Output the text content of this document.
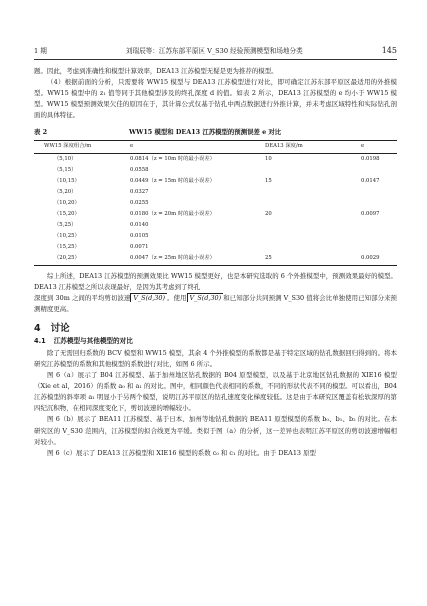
1 期	刘瑞辰等：江苏东部平原区 V_S30 经验预测模型和场地分类	145

题。因此，考虑到准确性和模型计算效率，DEA13 江苏模型无疑是更为推荐的模型。

（4）根据前面的分析，只需要将 WW15 模型与 DEA13 江苏模型进行对比，即可确定江苏东部平原区最适用的外推模型。WW15 模型中的 z₁ 值等同于其他模型涉及的终孔深度 d 的值。如表 2 所示，DEA13 江苏模型的 e 均小于 WW15 模型。WW15 模型预测效果欠佳的原因在于，其计算公式仅基于钻孔中两点数据进行外推计算，并未考虑区域特性和实际钻孔剖面的具体特征。

表 2	WW15 模型和 DEA13 江苏模型的预测误差 e 对比
WW15 深度组合/m	e	DEA13 深度/m	e
（5,10）	0.0814（z = 10m 时的最小误差）	10	0.0198
（5,15）	0.0558		
（10,15）	0.0449（z = 15m 时的最小误差）	15	0.0147
（5,20）	0.0327		
（10,20）	0.0255		
（15,20）	0.0180（z = 20m 时的最小误差）	20	0.0097
（5,25）	0.0140		
（10,25）	0.0105		
（15,25）	0.0071		
（20,25）	0.0047（z = 25m 时的最小误差）	25	0.0029

综上所述，DEA13 江苏模型的预测效果比 WW15 模型更好，也是本研究选取的 6 个外推模型中，预测效果最好的模型。DEA13 江苏模型之所以表现最好，是因为其考虑到了终孔

深度到 30m 之间的平均剪切波速 V_S(d,30) 。使用 V_S(d,30) 和已知部分共同预测 V_S30 值将会比单独使用已知部分来预测精度更高。

4 讨论
4.1 江苏模型与其他模型的对比

除了无需回归系数的 BCV 模型和 WW15 模型，其余 4 个外推模型的系数都是基于特定区域的钻孔数据回归得到的。将本研究江苏模型的系数和其他模型的系数进行对比，如图 6 所示。

图 6（a）展示了 B04 江苏模型、基于加州地区钻孔数据的 B04 原型模型，以及基于北京地区钻孔数据的 XIE16 模型（Xie et al，2016）的系数 a₀ 和 a₁ 的对比。图中，相同颜色代表相同的系数，不同的形状代表不同的模型。可以看出，B04 江苏模型的斜率项 a₁ 明显小于另两个模型，说明江苏平原区的钻孔速度变化梯度较低。这是由于本研究区覆盖有松软深厚的第四纪沉积物，在相同深度变化下，剪切波速的增幅较小。

图 6（b）展示了 BEA11 江苏模型、基于日本、加州等地钻孔数据的 BEA11 原型模型的系数 b₀、b₁、b₂ 的对比。在本研究区的 V_S30 范围内，江苏模型的拟合线更为平缓。类似于图（a）的分析，这一差异也表明江苏平原区的剪切波速增幅相对较小。

图 6（c）展示了 DEA13 江苏模型和 XIE16 模型的系数 c₀ 和 c₁ 的对比。由于 DEA13 原型
